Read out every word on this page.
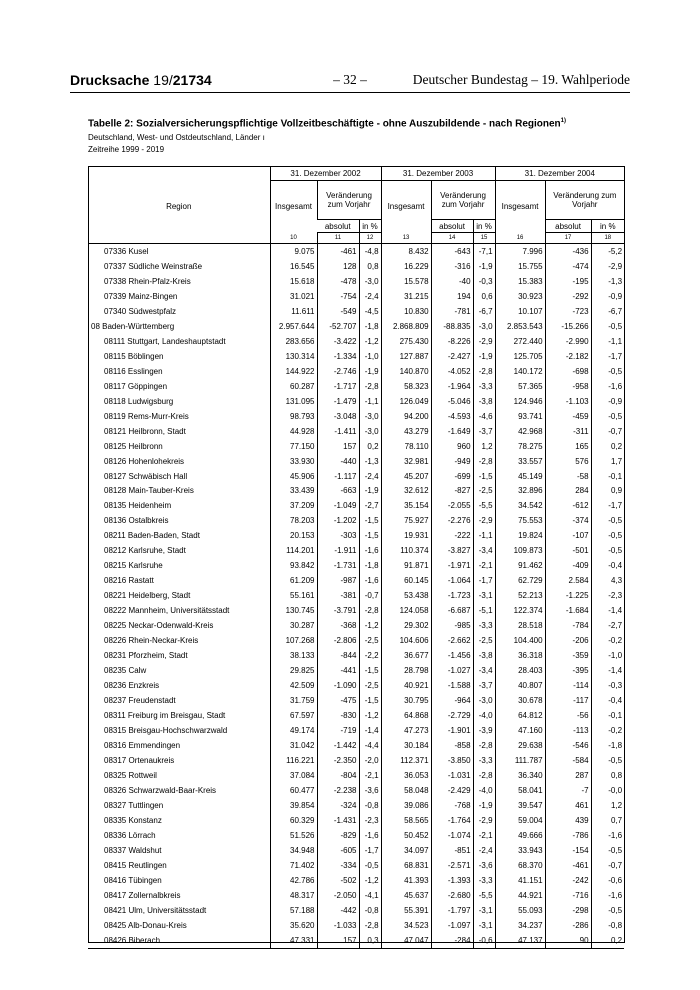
– 32 –
Drucksache 19/21734	Deutscher Bundestag – 19. Wahlperiode
Tabelle 2: Sozialversicherungspflichtige Vollzeitbeschäftigte - ohne Auszubildende - nach Regionen$^{1)}$
Deutschland, West- und Ostdeutschland, Länder ı
Zeitreihe 1999 - 2019
	31. Dezember 2002			31. Dezember 2003			31. Dezember 2004		
Region	Insgesamt	Veränderung zum Vorjahr		Insgesamt	Veränderung zum Vorjahr		Insgesamt	Veränderung zum Vorjahr	
		absolut	in %		absolut	in %		absolut	in %
	10	11	12	13	14	15	16	17	18
07336 Kusel	9.075	-461	-4,8	8.432	-643	-7,1	7.996	-436	-5,2
07337 Südliche Weinstraße	16.545	128	0,8	16.229	-316	-1,9	15.755	-474	-2,9
07338 Rhein-Pfalz-Kreis	15.618	-478	-3,0	15.578	-40	-0,3	15.383	-195	-1,3
07339 Mainz-Bingen	31.021	-754	-2,4	31.215	194	0,6	30.923	-292	-0,9
07340 Südwestpfalz	11.611	-549	-4,5	10.830	-781	-6,7	10.107	-723	-6,7
08 Baden-Württemberg	2.957.644	-52.707	-1,8	2.868.809	-88.835	-3,0	2.853.543	-15.266	-0,5
08111 Stuttgart, Landeshauptstadt	283.656	-3.422	-1,2	275.430	-8.226	-2,9	272.440	-2.990	-1,1
08115 Böblingen	130.314	-1.334	-1,0	127.887	-2.427	-1,9	125.705	-2.182	-1,7
08116 Esslingen	144.922	-2.746	-1,9	140.870	-4.052	-2,8	140.172	-698	-0,5
08117 Göppingen	60.287	-1.717	-2,8	58.323	-1.964	-3,3	57.365	-958	-1,6
08118 Ludwigsburg	131.095	-1.479	-1,1	126.049	-5.046	-3,8	124.946	-1.103	-0,9
08119 Rems-Murr-Kreis	98.793	-3.048	-3,0	94.200	-4.593	-4,6	93.741	-459	-0,5
08121 Heilbronn, Stadt	44.928	-1.411	-3,0	43.279	-1.649	-3,7	42.968	-311	-0,7
08125 Heilbronn	77.150	157	0,2	78.110	960	1,2	78.275	165	0,2
08126 Hohenlohekreis	33.930	-440	-1,3	32.981	-949	-2,8	33.557	576	1,7
08127 Schwäbisch Hall	45.906	-1.117	-2,4	45.207	-699	-1,5	45.149	-58	-0,1
08128 Main-Tauber-Kreis	33.439	-663	-1,9	32.612	-827	-2,5	32.896	284	0,9
08135 Heidenheim	37.209	-1.049	-2,7	35.154	-2.055	-5,5	34.542	-612	-1,7
08136 Ostalbkreis	78.203	-1.202	-1,5	75.927	-2.276	-2,9	75.553	-374	-0,5
08211 Baden-Baden, Stadt	20.153	-303	-1,5	19.931	-222	-1,1	19.824	-107	-0,5
08212 Karlsruhe, Stadt	114.201	-1.911	-1,6	110.374	-3.827	-3,4	109.873	-501	-0,5
08215 Karlsruhe	93.842	-1.731	-1,8	91.871	-1.971	-2,1	91.462	-409	-0,4
08216 Rastatt	61.209	-987	-1,6	60.145	-1.064	-1,7	62.729	2.584	4,3
08221 Heidelberg, Stadt	55.161	-381	-0,7	53.438	-1.723	-3,1	52.213	-1.225	-2,3
08222 Mannheim, Universitätsstadt	130.745	-3.791	-2,8	124.058	-6.687	-5,1	122.374	-1.684	-1,4
08225 Neckar-Odenwald-Kreis	30.287	-368	-1,2	29.302	-985	-3,3	28.518	-784	-2,7
08226 Rhein-Neckar-Kreis	107.268	-2.806	-2,5	104.606	-2.662	-2,5	104.400	-206	-0,2
08231 Pforzheim, Stadt	38.133	-844	-2,2	36.677	-1.456	-3,8	36.318	-359	-1,0
08235 Calw	29.825	-441	-1,5	28.798	-1.027	-3,4	28.403	-395	-1,4
08236 Enzkreis	42.509	-1.090	-2,5	40.921	-1.588	-3,7	40.807	-114	-0,3
08237 Freudenstadt	31.759	-475	-1,5	30.795	-964	-3,0	30.678	-117	-0,4
08311 Freiburg im Breisgau, Stadt	67.597	-830	-1,2	64.868	-2.729	-4,0	64.812	-56	-0,1
08315 Breisgau-Hochschwarzwald	49.174	-719	-1,4	47.273	-1.901	-3,9	47.160	-113	-0,2
08316 Emmendingen	31.042	-1.442	-4,4	30.184	-858	-2,8	29.638	-546	-1,8
08317 Ortenaukreis	116.221	-2.350	-2,0	112.371	-3.850	-3,3	111.787	-584	-0,5
08325 Rottweil	37.084	-804	-2,1	36.053	-1.031	-2,8	36.340	287	0,8
08326 Schwarzwald-Baar-Kreis	60.477	-2.238	-3,6	58.048	-2.429	-4,0	58.041	-7	-0,0
08327 Tuttlingen	39.854	-324	-0,8	39.086	-768	-1,9	39.547	461	1,2
08335 Konstanz	60.329	-1.431	-2,3	58.565	-1.764	-2,9	59.004	439	0,7
08336 Lörrach	51.526	-829	-1,6	50.452	-1.074	-2,1	49.666	-786	-1,6
08337 Waldshut	34.948	-605	-1,7	34.097	-851	-2,4	33.943	-154	-0,5
08415 Reutlingen	71.402	-334	-0,5	68.831	-2.571	-3,6	68.370	-461	-0,7
08416 Tübingen	42.786	-502	-1,2	41.393	-1.393	-3,3	41.151	-242	-0,6
08417 Zollernalbkreis	48.317	-2.050	-4,1	45.637	-2.680	-5,5	44.921	-716	-1,6
08421 Ulm, Universitätsstadt	57.188	-442	-0,8	55.391	-1.797	-3,1	55.093	-298	-0,5
08425 Alb-Donau-Kreis	35.620	-1.033	-2,8	34.523	-1.097	-3,1	34.237	-286	-0,8
08426 Biberach	47.331	157	0,3	47.047	-284	-0,6	47.137	90	0,2
